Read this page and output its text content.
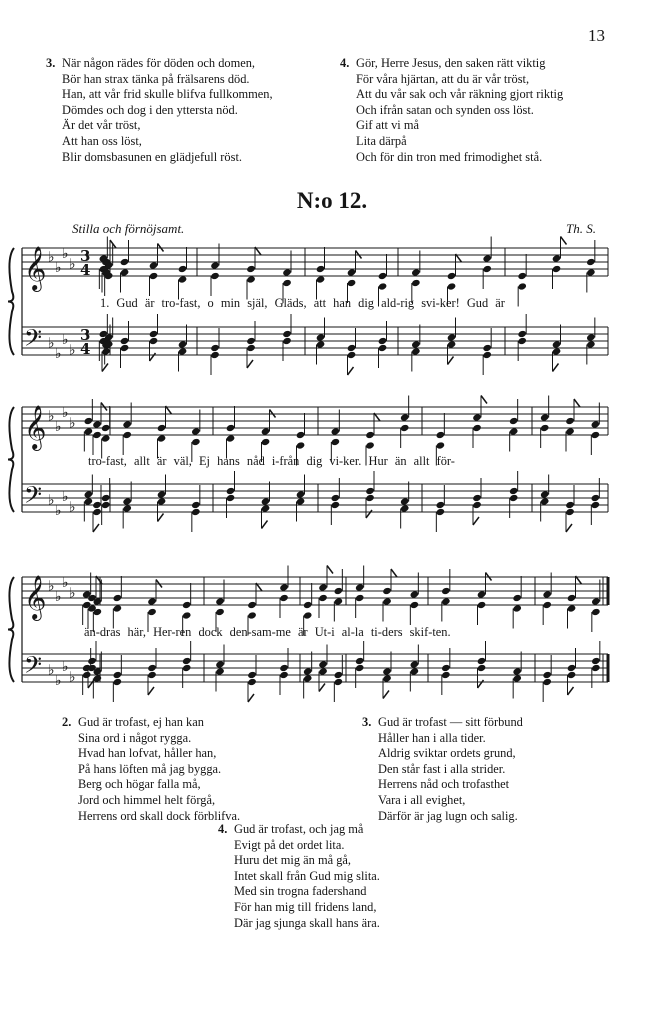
13
3. När någon rädes för döden och domen,
Bör han strax tänka på frälsarens död.
Han, att vår frid skulle blifva fullkommen,
Dömdes och dog i den yttersta nöd.
Är det vår tröst,
Att han oss löst,
Blir domsbasunen en glädjefull röst.
4. Gör, Herre Jesus, den saken rätt viktig
För våra hjärtan, att du är vår tröst,
Att du vår sak och vår räkning gjort riktig
Och ifrån satan och synden oss löst.
Gif att vi må
Lita därpå
Och för din tron med frimodighet stå.
N:o 12.
Stilla och förnöjsamt.	Th. S.
𝄞 ♭
♭
♭
♭ 3
4
𝄢 ♭
♭
♭
♭
3
4
𝄞 ♭
♭
♭
♭
𝄢 ♭
♭
♭
♭
𝄞 ♭
♭
♭
♭
𝄢 ♭
♭
♭
♭
1. Gud är tro-fast, o min själ, Gläds, att han dig ald-rig svi-ker! Gud är
tro-fast, allt är väl, Ej hans nåd i-från dig vi-ker. Hur än allt för-
än-dras här, Her-ren dock den-sam-me är Ut-i al-la ti-ders skif-ten.
2. Gud är trofast, ej han kan
Sina ord i något rygga.
Hvad han lofvat, håller han,
På hans löften må jag bygga.
Berg och högar falla må,
Jord och himmel helt förgå,
Herrens ord skall dock förblifva.
3. Gud är trofast — sitt förbund
Håller han i alla tider.
Aldrig sviktar ordets grund,
Den står fast i alla strider.
Herrens nåd och trofasthet
Vara i all evighet,
Därför är jag lugn och salig.
4. Gud är trofast, och jag må
Evigt på det ordet lita.
Huru det mig än må gå,
Intet skall från Gud mig slita.
Med sin trogna fadershand
För han mig till fridens land,
Där jag sjunga skall hans ära.
